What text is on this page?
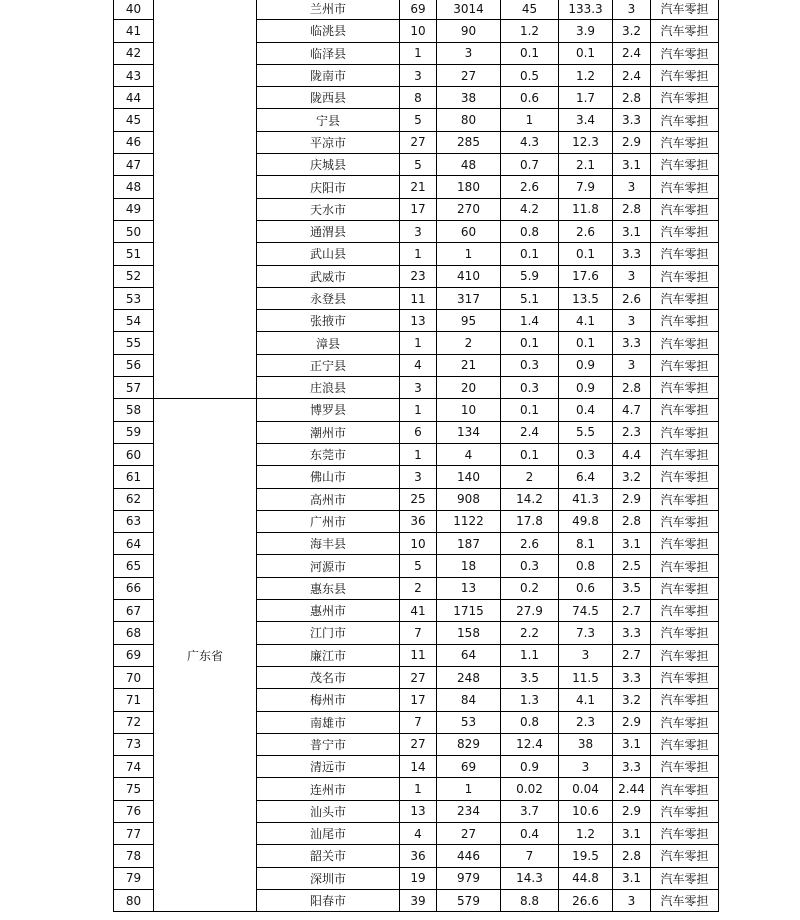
40		兰州市	69	3014	45	133.3	3	汽车零担
41		临洮县	10	90	1.2	3.9	3.2	汽车零担
42		临泽县	1	3	0.1	0.1	2.4	汽车零担
43		陇南市	3	27	0.5	1.2	2.4	汽车零担
44		陇西县	8	38	0.6	1.7	2.8	汽车零担
45		宁县	5	80	1	3.4	3.3	汽车零担
46		平凉市	27	285	4.3	12.3	2.9	汽车零担
47		庆城县	5	48	0.7	2.1	3.1	汽车零担
48		庆阳市	21	180	2.6	7.9	3	汽车零担
49		天水市	17	270	4.2	11.8	2.8	汽车零担
50		通渭县	3	60	0.8	2.6	3.1	汽车零担
51		武山县	1	1	0.1	0.1	3.3	汽车零担
52		武威市	23	410	5.9	17.6	3	汽车零担
53		永登县	11	317	5.1	13.5	2.6	汽车零担
54		张掖市	13	95	1.4	4.1	3	汽车零担
55		漳县	1	2	0.1	0.1	3.3	汽车零担
56		正宁县	4	21	0.3	0.9	3	汽车零担
57		庄浪县	3	20	0.3	0.9	2.8	汽车零担
58	广东省	博罗县	1	10	0.1	0.4	4.7	汽车零担
59		潮州市	6	134	2.4	5.5	2.3	汽车零担
60		东莞市	1	4	0.1	0.3	4.4	汽车零担
61		佛山市	3	140	2	6.4	3.2	汽车零担
62		高州市	25	908	14.2	41.3	2.9	汽车零担
63		广州市	36	1122	17.8	49.8	2.8	汽车零担
64		海丰县	10	187	2.6	8.1	3.1	汽车零担
65		河源市	5	18	0.3	0.8	2.5	汽车零担
66		惠东县	2	13	0.2	0.6	3.5	汽车零担
67		惠州市	41	1715	27.9	74.5	2.7	汽车零担
68		江门市	7	158	2.2	7.3	3.3	汽车零担
69		廉江市	11	64	1.1	3	2.7	汽车零担
70		茂名市	27	248	3.5	11.5	3.3	汽车零担
71		梅州市	17	84	1.3	4.1	3.2	汽车零担
72		南雄市	7	53	0.8	2.3	2.9	汽车零担
73		普宁市	27	829	12.4	38	3.1	汽车零担
74		清远市	14	69	0.9	3	3.3	汽车零担
75		连州市	1	1	0.02	0.04	2.44	汽车零担
76		汕头市	13	234	3.7	10.6	2.9	汽车零担
77		汕尾市	4	27	0.4	1.2	3.1	汽车零担
78		韶关市	36	446	7	19.5	2.8	汽车零担
79		深圳市	19	979	14.3	44.8	3.1	汽车零担
80		阳春市	39	579	8.8	26.6	3	汽车零担
